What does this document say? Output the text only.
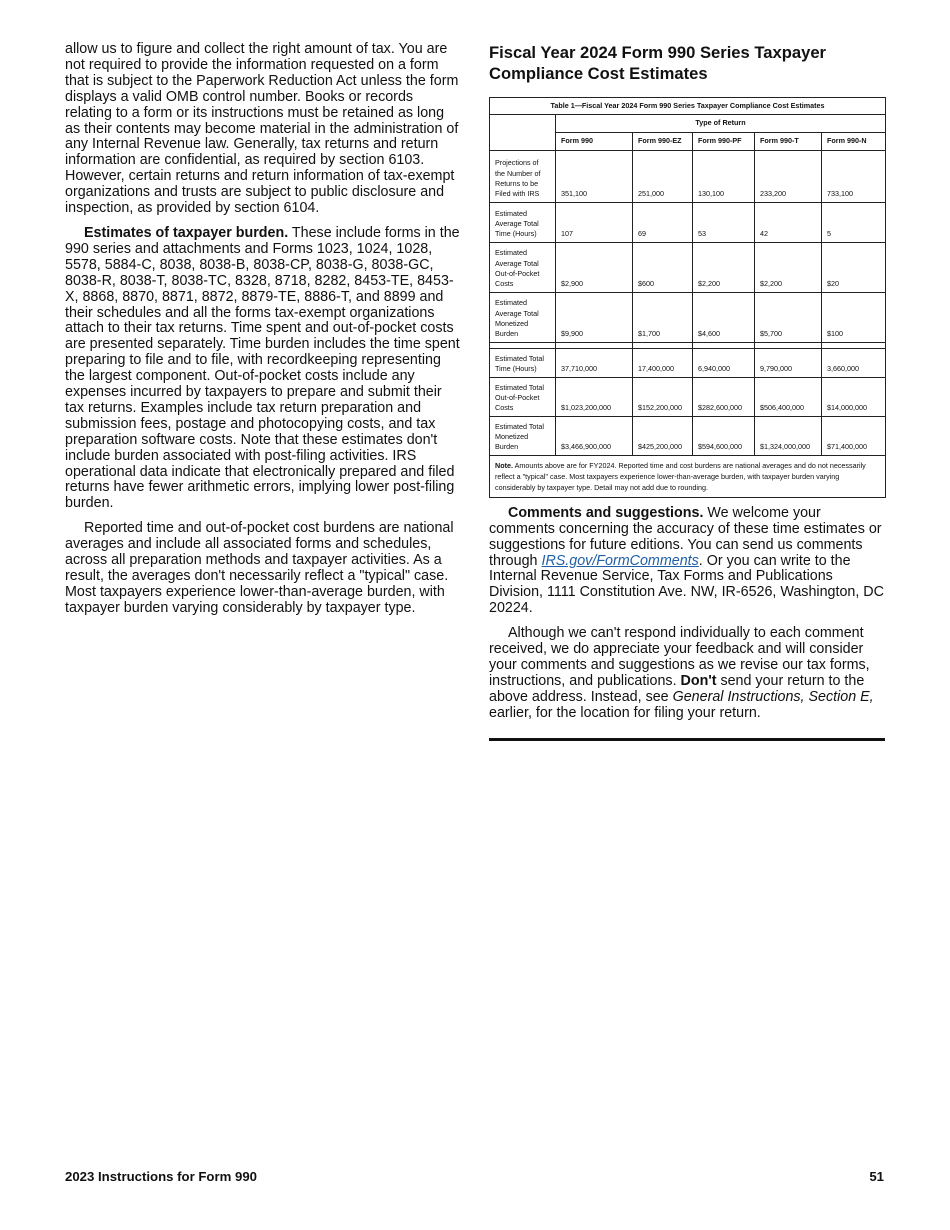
allow us to figure and collect the right amount of tax. You are not required to provide the information requested on a form that is subject to the Paperwork Reduction Act unless the form displays a valid OMB control number. Books or records relating to a form or its instructions must be retained as long as their contents may become material in the administration of any Internal Revenue law. Generally, tax returns and return information are confidential, as required by section 6103. However, certain returns and return information of tax-exempt organizations and trusts are subject to public disclosure and inspection, as provided by section 6104.

Estimates of taxpayer burden. These include forms in the 990 series and attachments and Forms 1023, 1024, 1028, 5578, 5884-C, 8038, 8038-B, 8038-CP, 8038-G, 8038-GC, 8038-R, 8038-T, 8038-TC, 8328, 8718, 8282, 8453-TE, 8453-X, 8868, 8870, 8871, 8872, 8879-TE, 8886-T, and 8899 and their schedules and all the forms tax-exempt organizations attach to their tax returns. Time spent and out-of-pocket costs are presented separately. Time burden includes the time spent preparing to file and to file, with recordkeeping representing the largest component. Out-of-pocket costs include any expenses incurred by taxpayers to prepare and submit their tax returns. Examples include tax return preparation and submission fees, postage and photocopying costs, and tax preparation software costs. Note that these estimates don't include burden associated with post-filing activities. IRS operational data indicate that electronically prepared and filed returns have fewer arithmetic errors, implying lower post-filing burden.

Reported time and out-of-pocket cost burdens are national averages and include all associated forms and schedules, across all preparation methods and taxpayer activities. As a result, the averages don't necessarily reflect a "typical" case. Most taxpayers experience lower-than-average burden, with taxpayer burden varying considerably by taxpayer type.

Fiscal Year 2024 Form 990 Series Taxpayer Compliance Cost Estimates
Table 1—Fiscal Year 2024 Form 990 Series Taxpayer Compliance Cost Estimates					
	Type of Return				
	Form 990	Form 990-EZ	Form 990-PF	Form 990-T	Form 990-N
Projections of the Number of Returns to be Filed with IRS	351,100	251,000	130,100	233,200	733,100
Estimated Average Total Time (Hours)	107	69	53	42	5
Estimated Average Total Out-of-Pocket Costs	$2,900	$600	$2,200	$2,200	$20
Estimated Average Total Monetized Burden	$9,900	$1,700	$4,600	$5,700	$100

Estimated Total Time (Hours)	37,710,000	17,400,000	6,940,000	9,790,000	3,660,000
Estimated Total Out-of-Pocket Costs	$1,023,200,000	$152,200,000	$282,600,000	$506,400,000	$14,000,000
Estimated Total Monetized Burden	$3,466,900,000	$425,200,000	$594,600,000	$1,324,000,000	$71,400,000
Note. Amounts above are for FY2024. Reported time and cost burdens are national averages and do not necessarily reflect a "typical" case. Most taxpayers experience lower-than-average burden, with taxpayer burden varying considerably by taxpayer type. Detail may not add due to rounding.					

Comments and suggestions. We welcome your comments concerning the accuracy of these time estimates or suggestions for future editions. You can send us comments through IRS.gov/FormComments. Or you can write to the Internal Revenue Service, Tax Forms and Publications Division, 1111 Constitution Ave. NW, IR-6526, Washington, DC 20224.

Although we can't respond individually to each comment received, we do appreciate your feedback and will consider your comments and suggestions as we revise our tax forms, instructions, and publications. Don't send your return to the above address. Instead, see General Instructions, Section E, earlier, for the location for filing your return.

2023 Instructions for Form 990	51
